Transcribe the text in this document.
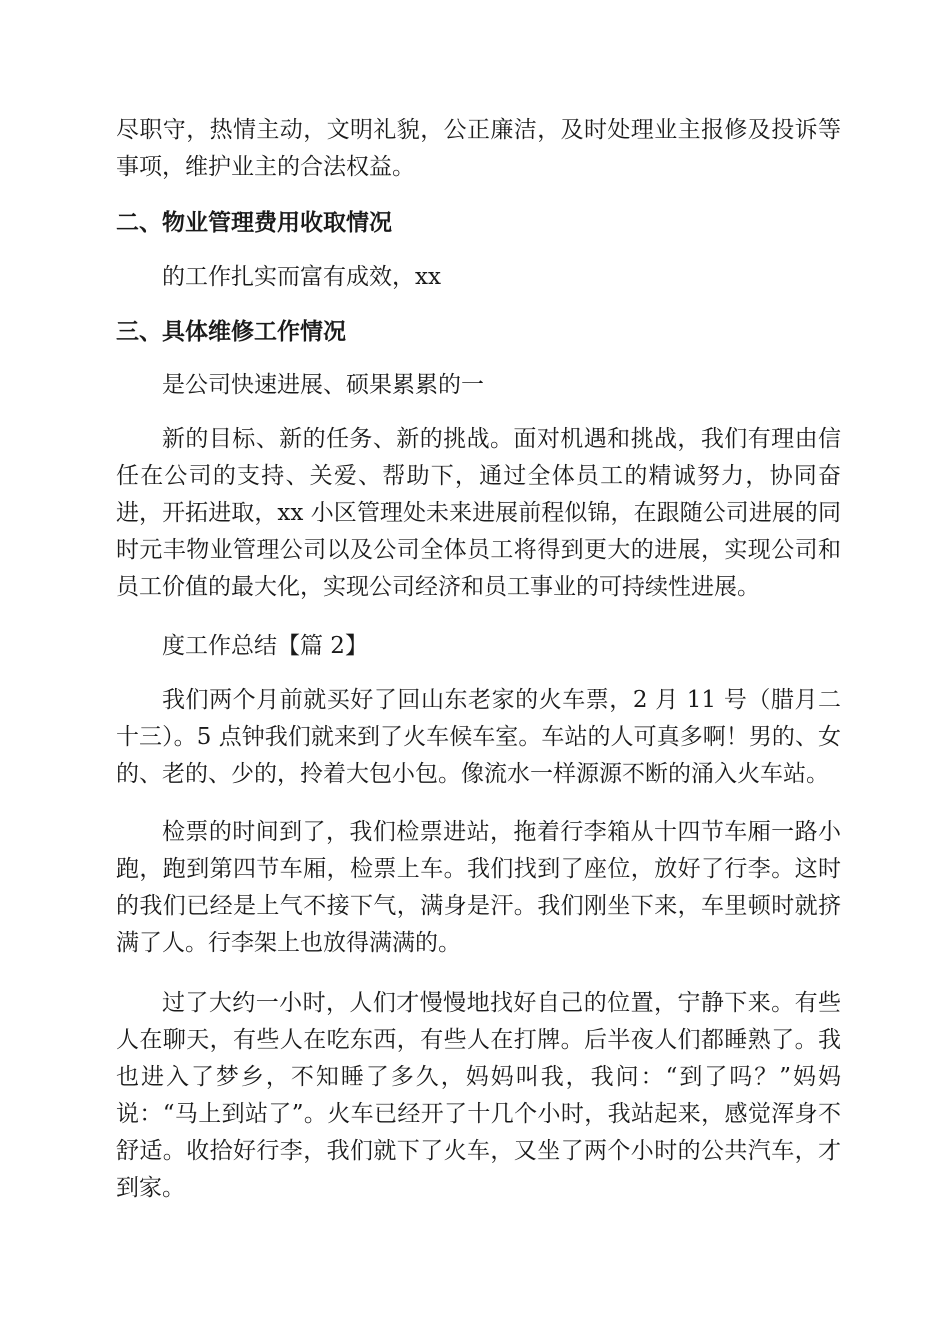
尽职守，热情主动，文明礼貌，公正廉洁，及时处理业主报修及投诉等事项，维护业主的合法权益。

二、物业管理费用收取情况

的工作扎实而富有成效，xx

三、具体维修工作情况

是公司快速进展、硕果累累的一

新的目标、新的任务、新的挑战。面对机遇和挑战，我们有理由信任在公司的支持、关爱、帮助下，通过全体员工的精诚努力，协同奋进，开拓进取，xx 小区管理处未来进展前程似锦，在跟随公司进展的同时元丰物业管理公司以及公司全体员工将得到更大的进展，实现公司和员工价值的最大化，实现公司经济和员工事业的可持续性进展。

度工作总结【篇 2】

我们两个月前就买好了回山东老家的火车票，2 月 11 号（腊月二十三）。5 点钟我们就来到了火车候车室。车站的人可真多啊！男的、女的、老的、少的，拎着大包小包。像流水一样源源不断的涌入火车站。

检票的时间到了，我们检票进站，拖着行李箱从十四节车厢一路小跑，跑到第四节车厢，检票上车。我们找到了座位，放好了行李。这时的我们已经是上气不接下气，满身是汗。我们刚坐下来，车里顿时就挤满了人。行李架上也放得满满的。

过了大约一小时，人们才慢慢地找好自己的位置，宁静下来。有些人在聊天，有些人在吃东西，有些人在打牌。后半夜人们都睡熟了。我也进入了梦乡，不知睡了多久，妈妈叫我，我问：“到了吗？”妈妈说：“马上到站了”。火车已经开了十几个小时，我站起来，感觉浑身不舒适。收拾好行李，我们就下了火车，又坐了两个小时的公共汽车，才到家。
